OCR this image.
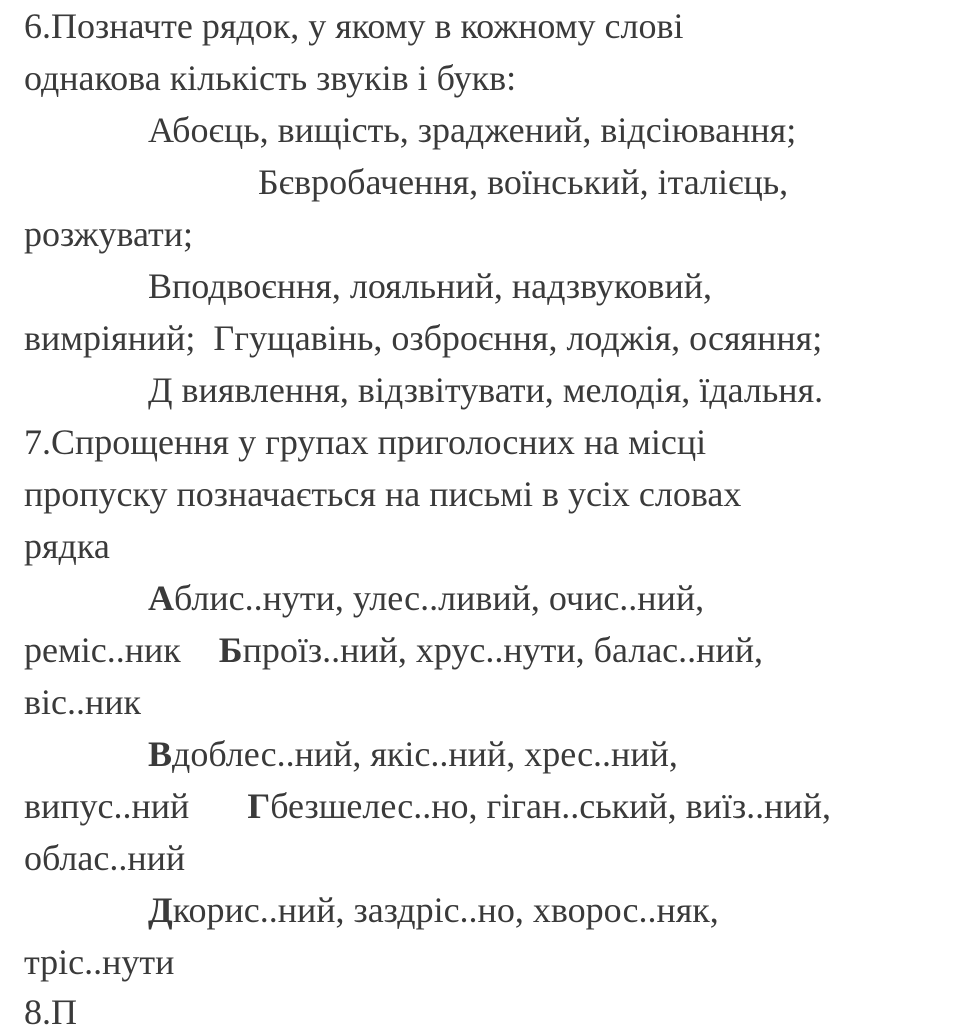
6.Позначте рядок, у якому в кожному слові
однакова кількість звуків і букв:
Абоєць, вищість, зраджений, відсіювання;
Бєвробачення, воїнський, італієць,
розжувати;
Вподвоєння, лояльний, надзвуковий,
вимріяний; Ггущавінь, озброєння, лоджія, осяяння;
Д виявлення, відзвітувати, мелодія, їдальня.
7.Спрощення у групах приголосних на місці
пропуску позначається на письмі в усіх словах
рядка
Аблис..нути, улес..ливий, очис..ний,
реміс..ник Бпроїз..ний, хрус..нути, балас..ний,
віс..ник
Вдоблес..ний, якіс..ний, хрес..ний,
випус..ний Гбезшелес..но, гіган..ський, виїз..ний,
облас..ний
Дкорис..ний, заздріс..но, хворос..няк,
тріс..нути
8.П
